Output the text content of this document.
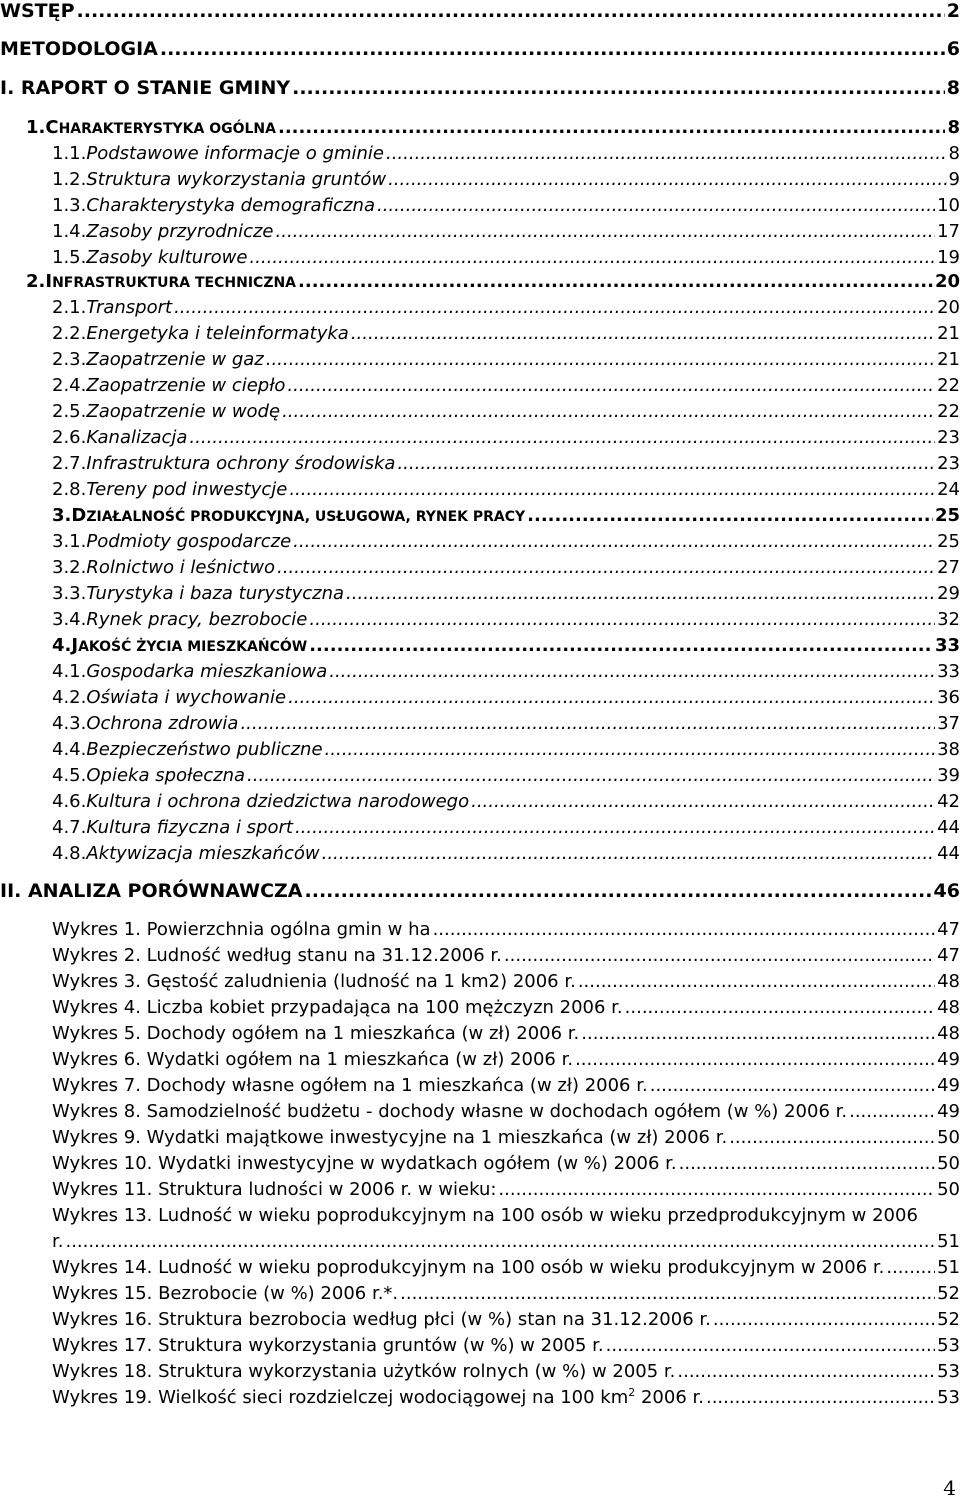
WSTĘP .....	2
METODOLOGIA .....	6
I. RAPORT O STANIE GMINY .....	8
1. CHARAKTERYSTYKA OGÓLNA .....	8
1.1. Podstawowe informacje o gminie .....	8
1.2. Struktura wykorzystania gruntów .....	9
1.3. Charakterystyka demograficzna .....	10
1.4. Zasoby przyrodnicze .....	17
1.5. Zasoby kulturowe .....	19
2. INFRASTRUKTURA TECHNICZNA .....	20
2.1. Transport .....	20
2.2. Energetyka i teleinformatyka .....	21
2.3. Zaopatrzenie w gaz .....	21
2.4. Zaopatrzenie w ciepło .....	22
2.5. Zaopatrzenie w wodę .....	22
2.6. Kanalizacja .....	23
2.7. Infrastruktura ochrony środowiska .....	23
2.8. Tereny pod inwestycje .....	24
3. DZIAŁALNOŚĆ PRODUKCYJNA, USŁUGOWA, RYNEK PRACY .....	25
3.1. Podmioty gospodarcze .....	25
3.2. Rolnictwo i leśnictwo .....	27
3.3. Turystyka i baza turystyczna .....	29
3.4. Rynek pracy, bezrobocie .....	32
4. JAKOŚĆ ŻYCIA MIESZKAŃCÓW .....	33
4.1. Gospodarka mieszkaniowa .....	33
4.2. Oświata i wychowanie .....	36
4.3. Ochrona zdrowia .....	37
4.4. Bezpieczeństwo publiczne .....	38
4.5. Opieka społeczna .....	39
4.6. Kultura i ochrona dziedzictwa narodowego .....	42
4.7. Kultura fizyczna i sport .....	44
4.8. Aktywizacja mieszkańców .....	44
II. ANALIZA PORÓWNAWCZA .....	46
Wykres 1. Powierzchnia ogólna gmin w ha .....	47
Wykres 2. Ludność według stanu na 31.12.2006 r. .....	47
Wykres 3. Gęstość zaludnienia (ludność na 1 km2) 2006 r. .....	48
Wykres 4. Liczba kobiet przypadająca na 100 mężczyzn 2006 r. .....	48
Wykres 5. Dochody ogółem na 1 mieszkańca (w zł) 2006 r. .....	48
Wykres 6. Wydatki ogółem na 1 mieszkańca (w zł) 2006 r. .....	49
Wykres 7. Dochody własne ogółem na 1 mieszkańca (w zł) 2006 r. .....	49
Wykres 8. Samodzielność budżetu - dochody własne w dochodach ogółem (w %) 2006 r. .....	49
Wykres 9. Wydatki majątkowe inwestycyjne na 1 mieszkańca (w zł) 2006 r. .....	50
Wykres 10. Wydatki inwestycyjne w wydatkach ogółem (w %) 2006 r. .....	50
Wykres 11. Struktura ludności w 2006 r. w wieku: .....	50
Wykres 13. Ludność w wieku poprodukcyjnym na 100 osób w wieku przedprodukcyjnym w 2006
r. .....	51
Wykres 14. Ludność w wieku poprodukcyjnym na 100 osób w wieku produkcyjnym w 2006 r. .....	51
Wykres 15. Bezrobocie (w %) 2006 r.*. .....	52
Wykres 16. Struktura bezrobocia według płci (w %) stan na 31.12.2006 r. .....	52
Wykres 17. Struktura wykorzystania gruntów (w %) w 2005 r. .....	53
Wykres 18. Struktura wykorzystania użytków rolnych (w %) w 2005 r. .....	53
Wykres 19. Wielkość sieci rozdzielczej wodociągowej na 100 $km^2$ 2006 r. .....	53
4
